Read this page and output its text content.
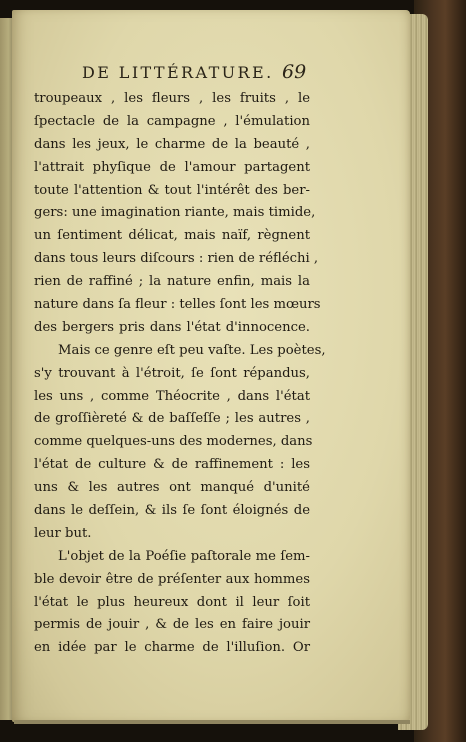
DE LITTÉRATURE. 69
troupeaux , les fleurs , les fruits , le
ſpectacle de la campagne , l'émulation
dans les jeux, le charme de la beauté ,
l'attrait phyſique de l'amour partagent
toute l'attention & tout l'intérêt des ber-
gers: une imagination riante, mais timide,
un ſentiment délicat, mais naïf, règnent
dans tous leurs diſcours : rien de réfléchi ,
rien de raffiné ; la nature enfin, mais la
nature dans ſa fleur : telles ſont les mœurs
des bergers pris dans l'état d'innocence.
Mais ce genre eſt peu vaſte. Les poètes,
s'y trouvant à l'étroit, ſe ſont répandus,
les uns , comme Théocrite , dans l'état
de groſſièreté & de baſſeſſe ; les autres ,
comme quelques-uns des modernes, dans
l'état de culture & de raffinement : les
uns & les autres ont manqué d'unité
dans le deſſein, & ils ſe ſont éloignés de
leur but.
L'objet de la Poéſie paſtorale me ſem-
ble devoir être de préſenter aux hommes
l'état le plus heureux dont il leur ſoit
permis de jouir , & de les en faire jouir
en idée par le charme de l'illuſion. Or
